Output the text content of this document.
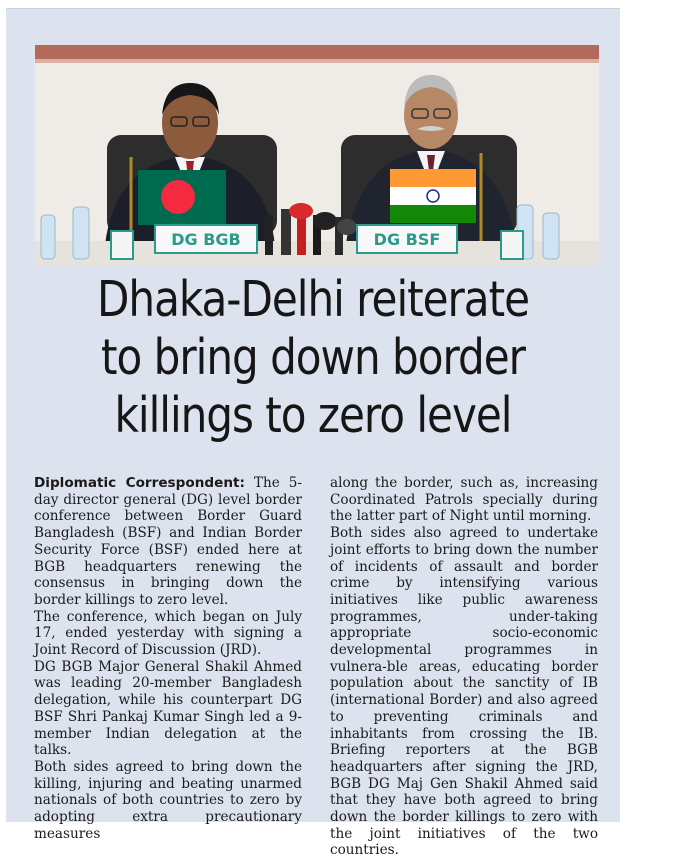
DG BGB	DG BSF
Dhaka-Delhi reiterate
to bring down border
killings to zero level

Diplomatic Correspondent: The 5-day director general (DG) level border conference between Border Guard Bangladesh (BSF) and Indian Border Security Force (BSF) ended here at BGB headquarters renewing the consensus in bringing down the border killings to zero level.

The conference, which began on July 17, ended yesterday with signing a Joint Record of Discussion (JRD).

DG BGB Major General Shakil Ahmed was leading 20-member Bangladesh delegation, while his counterpart DG BSF Shri Pankaj Kumar Singh led a 9-member Indian delegation at the talks.

Both sides agreed to bring down the killing, injuring and beating unarmed nationals of both countries to zero by adopting extra precautionary measures

along the border, such as, increasing Coordinated Patrols specially during the latter part of Night until morning.

Both sides also agreed to undertake joint efforts to bring down the number of incidents of assault and border crime by intensifying various initiatives like public awareness programmes, under-taking appropriate socio-economic developmental programmes in vulnera-ble areas, educating border population about the sanctity of IB (international Border) and also agreed to preventing criminals and inhabitants from crossing the IB. Briefing reporters at the BGB headquarters after signing the JRD, BGB DG Maj Gen Shakil Ahmed said that they have both agreed to bring down the border killings to zero with the joint initiatives of the two countries.
